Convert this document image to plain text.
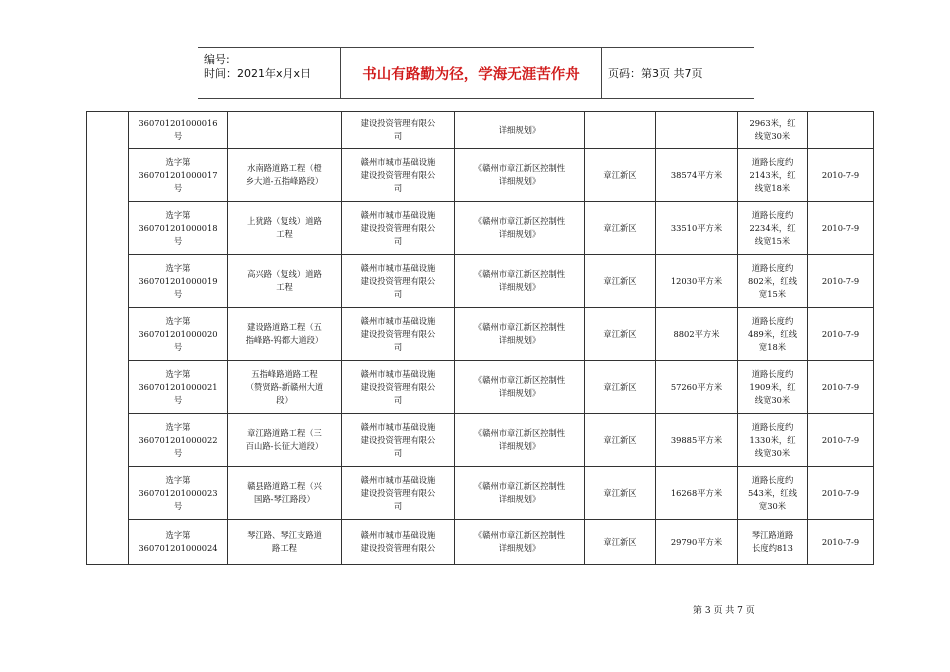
编号:
时间：2021年x月x日	书山有路勤为径，学海无涯苦作舟	页码：第3页 共7页
	360701201000016
号		建设投资管理有限公
司	详细规划》			2963米，红
线宽30米	
	选字第
360701201000017
号	水南路道路工程（橙
乡大道-五指峰路段）	赣州市城市基础设施
建设投资管理有限公
司	《赣州市章江新区控制性
详细规划》	章江新区	38574平方米	道路长度约
2143米，红
线宽18米	2010-7-9
	选字第
360701201000018
号	上犹路（复线）道路
工程	赣州市城市基础设施
建设投资管理有限公
司	《赣州市章江新区控制性
详细规划》	章江新区	33510平方米	道路长度约
2234米，红
线宽15米	2010-7-9
	选字第
360701201000019
号	高兴路（复线）道路
工程	赣州市城市基础设施
建设投资管理有限公
司	《赣州市章江新区控制性
详细规划》	章江新区	12030平方米	道路长度约
802米，红线
宽15米	2010-7-9
	选字第
360701201000020
号	建设路道路工程（五
指峰路-钨都大道段）	赣州市城市基础设施
建设投资管理有限公
司	《赣州市章江新区控制性
详细规划》	章江新区	8802平方米	道路长度约
489米，红线
宽18米	2010-7-9
	选字第
360701201000021
号	五指峰路道路工程
（赞贤路-新赣州大道
段）	赣州市城市基础设施
建设投资管理有限公
司	《赣州市章江新区控制性
详细规划》	章江新区	57260平方米	道路长度约
1909米，红
线宽30米	2010-7-9
	选字第
360701201000022
号	章江路道路工程（三
百山路-长征大道段）	赣州市城市基础设施
建设投资管理有限公
司	《赣州市章江新区控制性
详细规划》	章江新区	39885平方米	道路长度约
1330米，红
线宽30米	2010-7-9
	选字第
360701201000023
号	赣县路道路工程（兴
国路-琴江路段）	赣州市城市基础设施
建设投资管理有限公
司	《赣州市章江新区控制性
详细规划》	章江新区	16268平方米	道路长度约
543米，红线
宽30米	2010-7-9
	选字第
360701201000024	琴江路、琴江支路道
路工程	赣州市城市基础设施
建设投资管理有限公	《赣州市章江新区控制性
详细规划》	章江新区	29790平方米	琴江路道路
长度约813	2010-7-9
第 3 页 共 7 页
